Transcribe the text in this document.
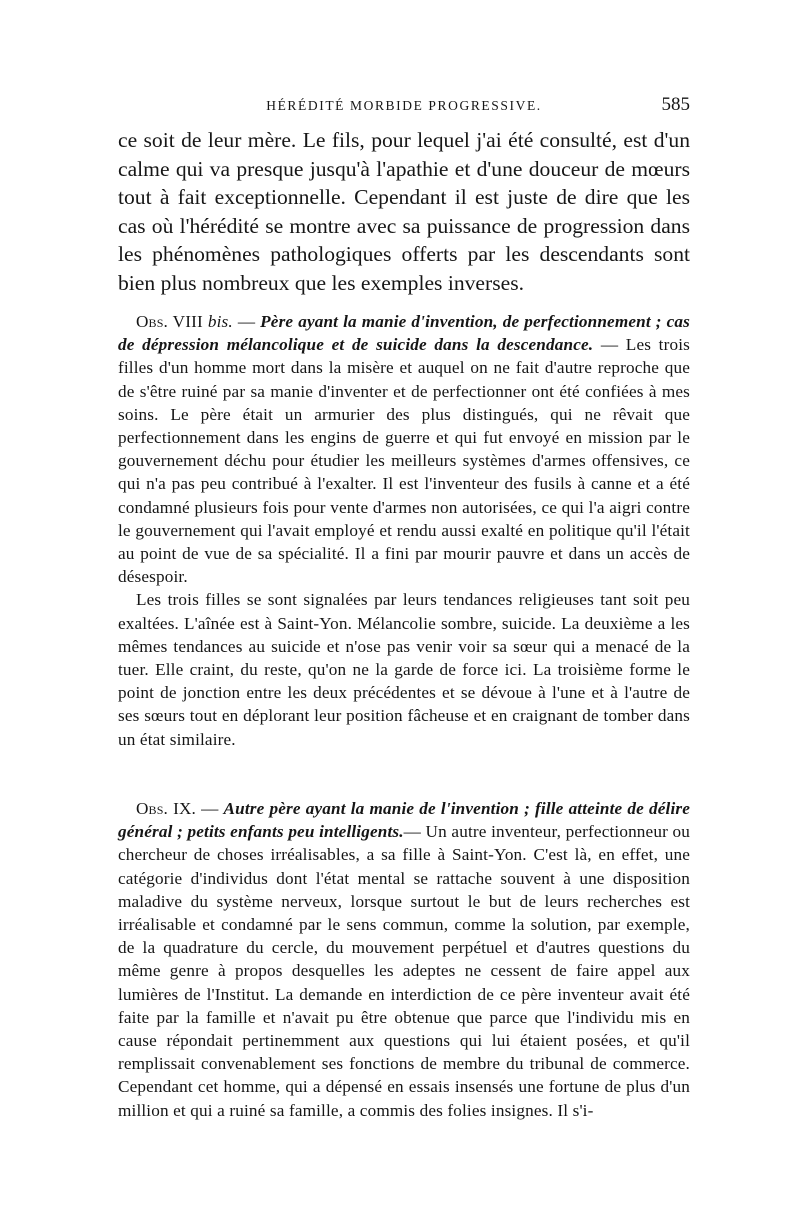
HÉRÉDITÉ MORBIDE PROGRESSIVE.	585

ce soit de leur mère. Le fils, pour lequel j'ai été consulté, est d'un calme qui va presque jusqu'à l'apathie et d'une douceur de mœurs tout à fait exceptionnelle. Cependant il est juste de dire que les cas où l'hérédité se montre avec sa puissance de progression dans les phénomènes pathologiques offerts par les descendants sont bien plus nombreux que les exemples inverses.

Obs. VIII bis. — Père ayant la manie d'invention, de perfectionnement ; cas de dépression mélancolique et de suicide dans la descendance. — Les trois filles d'un homme mort dans la misère et auquel on ne fait d'autre reproche que de s'être ruiné par sa manie d'inventer et de perfectionner ont été confiées à mes soins. Le père était un armurier des plus distingués, qui ne rêvait que perfectionnement dans les engins de guerre et qui fut envoyé en mission par le gouvernement déchu pour étudier les meilleurs systèmes d'armes offensives, ce qui n'a pas peu contribué à l'exalter. Il est l'inventeur des fusils à canne et a été condamné plusieurs fois pour vente d'armes non autorisées, ce qui l'a aigri contre le gouvernement qui l'avait employé et rendu aussi exalté en politique qu'il l'était au point de vue de sa spécialité. Il a fini par mourir pauvre et dans un accès de désespoir.

Les trois filles se sont signalées par leurs tendances religieuses tant soit peu exaltées. L'aînée est à Saint-Yon. Mélancolie sombre, suicide. La deuxième a les mêmes tendances au suicide et n'ose pas venir voir sa sœur qui a menacé de la tuer. Elle craint, du reste, qu'on ne la garde de force ici. La troisième forme le point de jonction entre les deux précédentes et se dévoue à l'une et à l'autre de ses sœurs tout en déplorant leur position fâcheuse et en craignant de tomber dans un état similaire.

Obs. IX. — Autre père ayant la manie de l'invention ; fille atteinte de délire général ; petits enfants peu intelligents.— Un autre inventeur, perfectionneur ou chercheur de choses irréalisables, a sa fille à Saint-Yon. C'est là, en effet, une catégorie d'individus dont l'état mental se rattache souvent à une disposition maladive du système nerveux, lorsque surtout le but de leurs recherches est irréalisable et condamné par le sens commun, comme la solution, par exemple, de la quadrature du cercle, du mouvement perpétuel et d'autres questions du même genre à propos desquelles les adeptes ne cessent de faire appel aux lumières de l'Institut. La demande en interdiction de ce père inventeur avait été faite par la famille et n'avait pu être obtenue que parce que l'individu mis en cause répondait pertinemment aux questions qui lui étaient posées, et qu'il remplissait convenablement ses fonctions de membre du tribunal de commerce. Cependant cet homme, qui a dépensé en essais insensés une fortune de plus d'un million et qui a ruiné sa famille, a commis des folies insignes. Il s'i-
